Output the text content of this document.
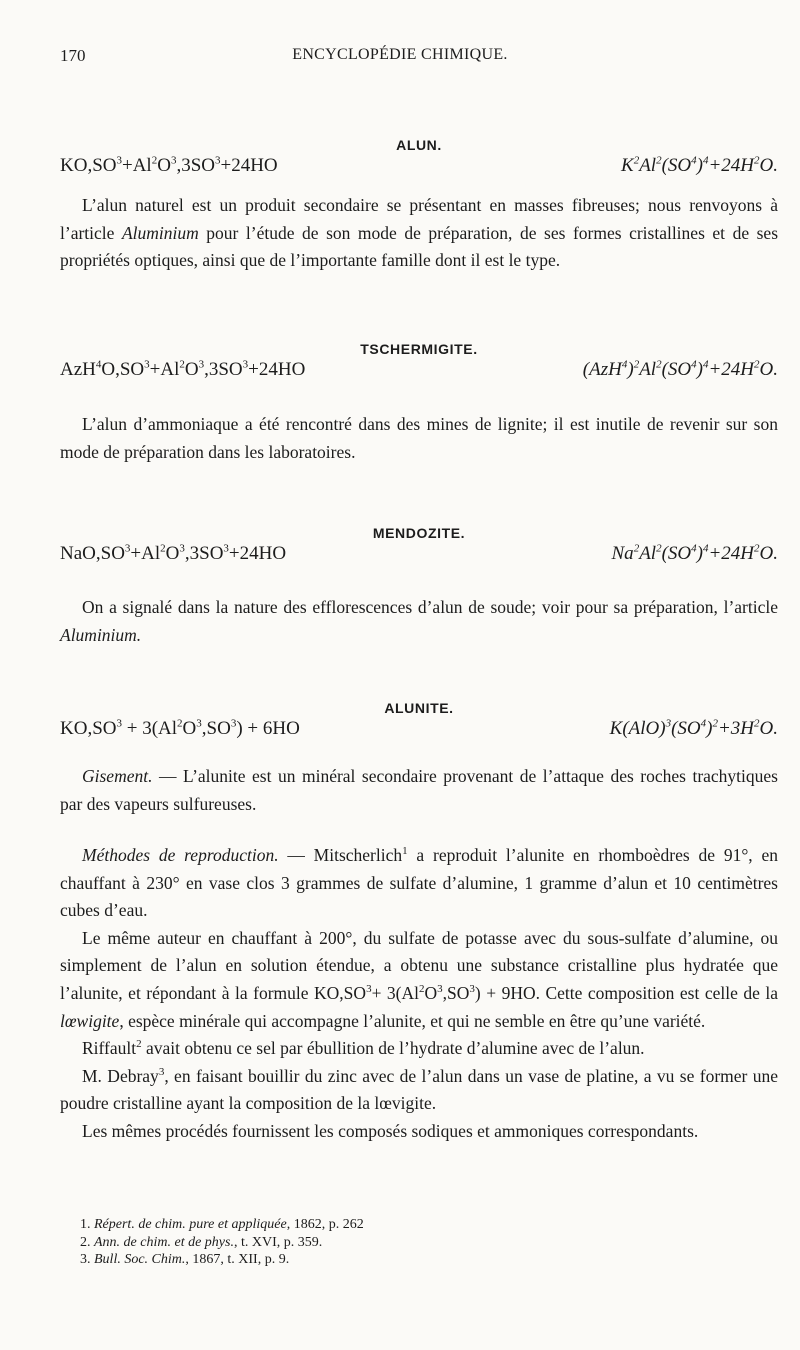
170	ENCYCLOPÉDIE CHIMIQUE.
ALUN.
$KO,SO^3+Al^2O^3,3SO^3+24HO$	$K^2Al^2(SO^4)^4+24H^2O$.

L’alun naturel est un produit secondaire se présentant en masses fibreuses; nous renvoyons à l’article Aluminium pour l’étude de son mode de préparation, de ses formes cristallines et de ses propriétés optiques, ainsi que de l’importante famille dont il est le type.

TSCHERMIGITE.
$AzH^4O,SO^3+Al^2O^3,3SO^3+24HO$	$(AzH^4)^2Al^2(SO^4)^4+24H^2O$.

L’alun d’ammoniaque a été rencontré dans des mines de lignite; il est inutile de revenir sur son mode de préparation dans les laboratoires.

MENDOZITE.
$NaO,SO^3+Al^2O^3,3SO^3+24HO$	$Na^2Al^2(SO^4)^4+24H^2O$.

On a signalé dans la nature des efflorescences d’alun de soude; voir pour sa préparation, l’article Aluminium.

ALUNITE.
$KO,SO^3 + 3(Al^2O^3,SO^3) + 6HO$	$K(AlO)^3(SO^4)^2+3H^2O$.

Gisement. — L’alunite est un minéral secondaire provenant de l’attaque des roches trachytiques par des vapeurs sulfureuses.

Méthodes de reproduction. — Mitscherlich$^1$ a reproduit l’alunite en rhomboèdres de 91°, en chauffant à 230° en vase clos 3 grammes de sulfate d’alumine, 1 gramme d’alun et 10 centimètres cubes d’eau.

Le même auteur en chauffant à 200°, du sulfate de potasse avec du sous-sulfate d’alumine, ou simplement de l’alun en solution étendue, a obtenu une substance cristalline plus hydratée que l’alunite, et répondant à la formule $KO,SO^3+ 3(Al^2O^3,SO^3) + 9HO$. Cette composition est celle de la lœwigite, espèce minérale qui accompagne l’alunite, et qui ne semble en être qu’une variété.

Riffault$^2$ avait obtenu ce sel par ébullition de l’hydrate d’alumine avec de l’alun.

M. Debray$^3$, en faisant bouillir du zinc avec de l’alun dans un vase de platine, a vu se former une poudre cristalline ayant la composition de la lœvigite.

Les mêmes procédés fournissent les composés sodiques et ammoniques correspondants.

1. Répert. de chim. pure et appliquée, 1862, p. 262
2. Ann. de chim. et de phys., t. XVI, p. 359.
3. Bull. Soc. Chim., 1867, t. XII, p. 9.
